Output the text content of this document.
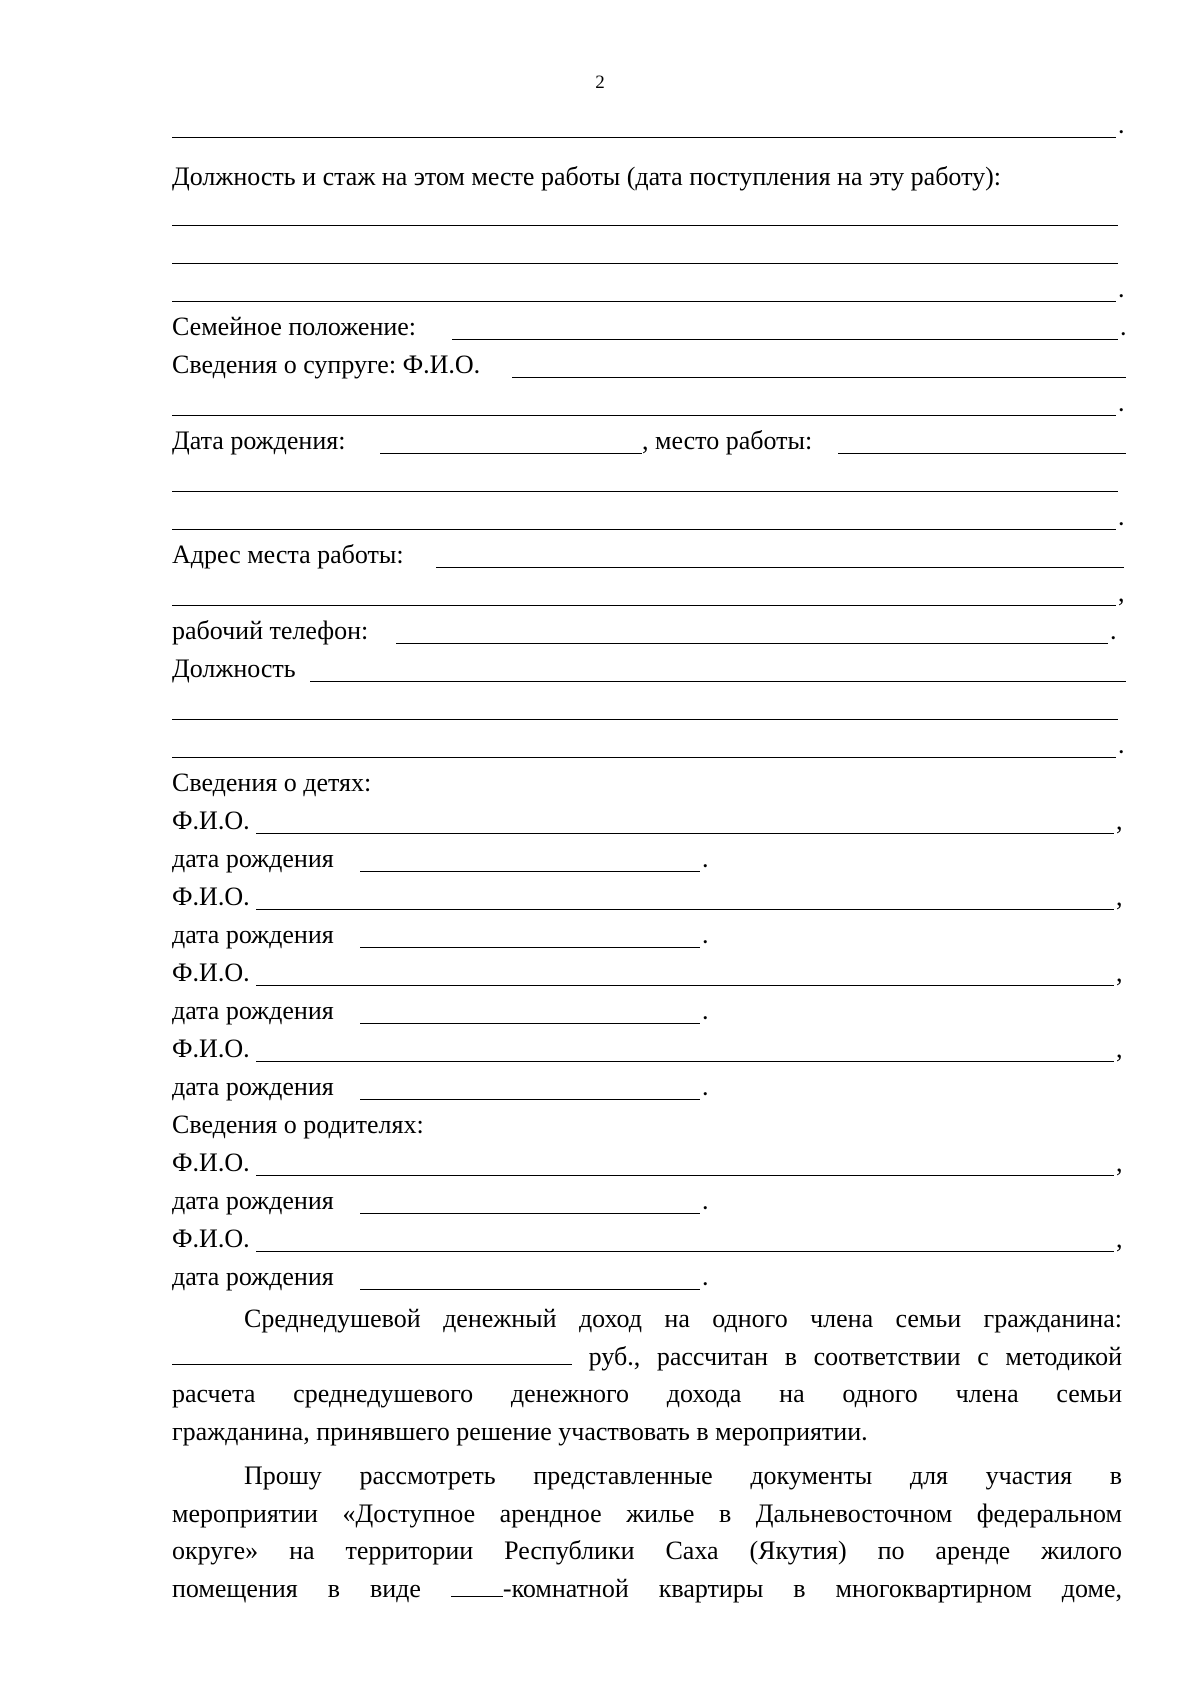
2
.
Должность и стаж на этом месте работы (дата поступления на эту работу):
.
Семейное положение:	.
Сведения о супруге: Ф.И.О.
.
Дата рождения:	, место работы:
.
Адрес места работы:
,
рабочий телефон:	.
Должность
.
Сведения о детях:
Ф.И.О.	,
дата рождения	.
Ф.И.О.	,
дата рождения	.
Ф.И.О.	,
дата рождения	.
Ф.И.О.	,
дата рождения	.
Сведения о родителях:
Ф.И.О.	,
дата рождения	.
Ф.И.О.	,
дата рождения	.
Среднедушевой денежный доход на одного члена семьи гражданина:
руб., рассчитан в соответствии с методикой
расчета среднедушевого денежного дохода на одного члена семьи
гражданина, принявшего решение участвовать в мероприятии.
Прошу рассмотреть представленные документы для участия в
мероприятии «Доступное арендное жилье в Дальневосточном федеральном
округе» на территории Республики Саха (Якутия) по аренде жилого
помещения в виде	-комнатной квартиры в многоквартирном доме,
